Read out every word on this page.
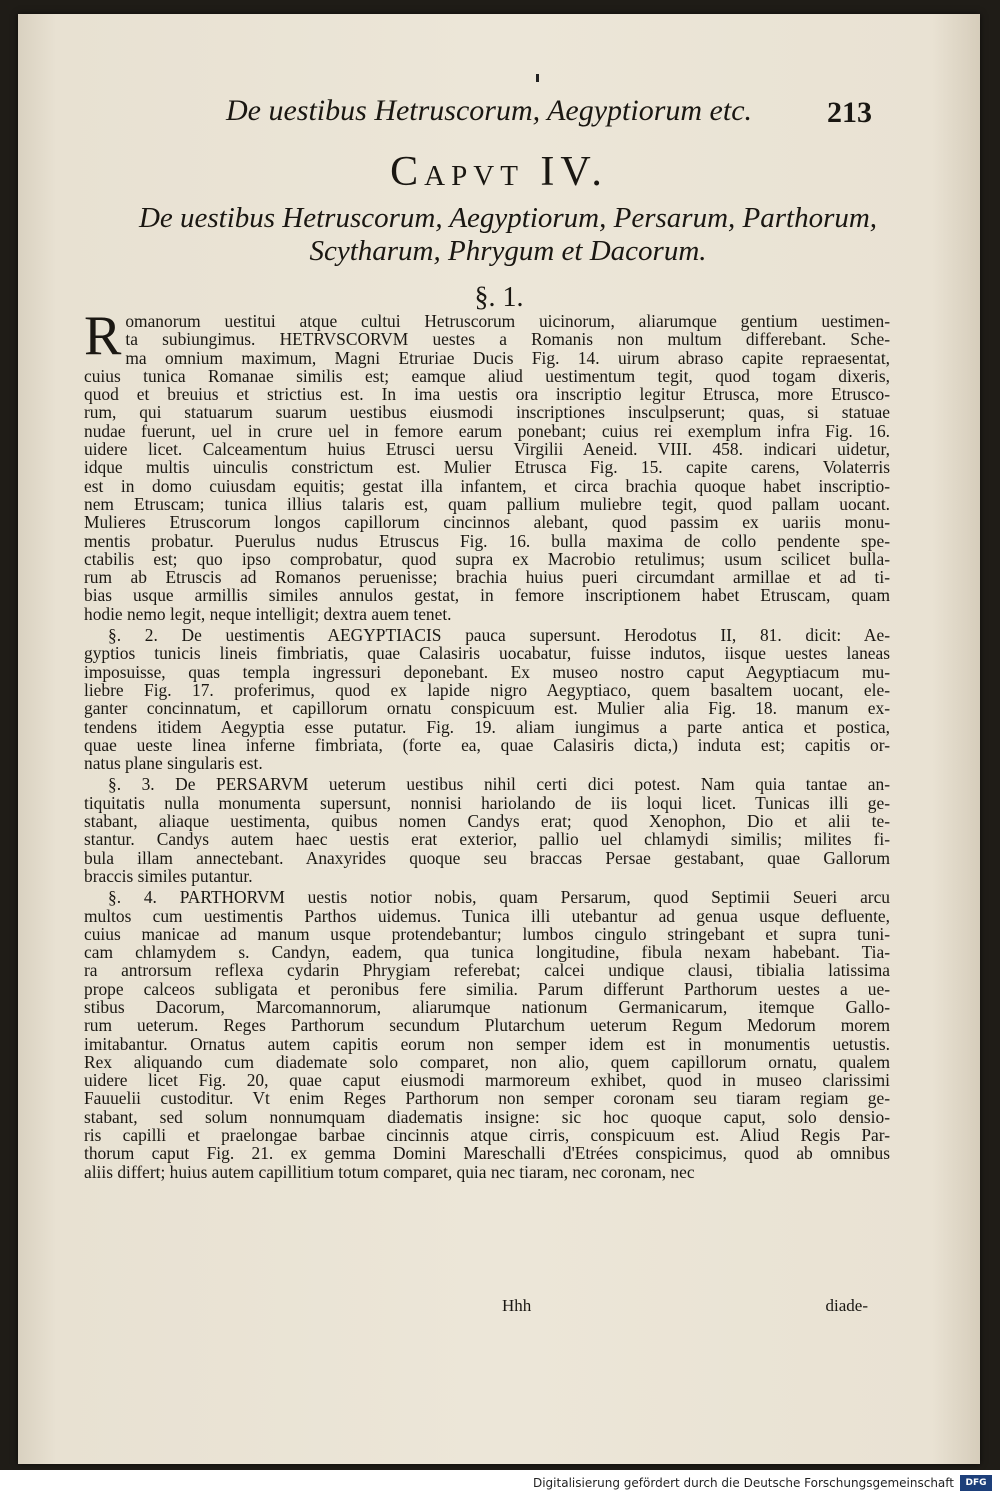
De uestibus Hetruscorum, Aegyptiorum etc. 213
Capvt IV.
De uestibus Hetruscorum, Aegyptiorum, Persarum, Parthorum,
Scytharum, Phrygum et Dacorum.
§. 1.
R omanorum uestitui atque cultui Hetruscorum uicinorum, aliarumque gentium uestimen-
ta subiungimus. HETRVSCORVM uestes a Romanis non multum differebant. Sche-
ma omnium maximum, Magni Etruriae Ducis Fig. 14. uirum abraso capite repraesentat,
cuius tunica Romanae similis est; eamque aliud uestimentum tegit, quod togam dixeris,
quod et breuius et strictius est. In ima uestis ora inscriptio legitur Etrusca, more Etrusco-
rum, qui statuarum suarum uestibus eiusmodi inscriptiones insculpserunt; quas, si statuae
nudae fuerunt, uel in crure uel in femore earum ponebant; cuius rei exemplum infra Fig. 16.
uidere licet. Calceamentum huius Etrusci uersu Virgilii Aeneid. VIII. 458. indicari uidetur,
idque multis uinculis constrictum est. Mulier Etrusca Fig. 15. capite carens, Volaterris
est in domo cuiusdam equitis; gestat illa infantem, et circa brachia quoque habet inscriptio-
nem Etruscam; tunica illius talaris est, quam pallium muliebre tegit, quod pallam uocant.
Mulieres Etruscorum longos capillorum cincinnos alebant, quod passim ex uariis monu-
mentis probatur. Puerulus nudus Etruscus Fig. 16. bulla maxima de collo pendente spe-
ctabilis est; quo ipso comprobatur, quod supra ex Macrobio retulimus; usum scilicet bulla-
rum ab Etruscis ad Romanos peruenisse; brachia huius pueri circumdant armillae et ad ti-
bias usque armillis similes annulos gestat, in femore inscriptionem habet Etruscam, quam
hodie nemo legit, neque intelligit; dextra auem tenet.
§. 2. De uestimentis AEGYPTIACIS pauca supersunt. Herodotus II, 81. dicit: Ae-
gyptios tunicis lineis fimbriatis, quae Calasiris uocabatur, fuisse indutos, iisque uestes laneas
imposuisse, quas templa ingressuri deponebant. Ex museo nostro caput Aegyptiacum mu-
liebre Fig. 17. proferimus, quod ex lapide nigro Aegyptiaco, quem basaltem uocant, ele-
ganter concinnatum, et capillorum ornatu conspicuum est. Mulier alia Fig. 18. manum ex-
tendens itidem Aegyptia esse putatur. Fig. 19. aliam iungimus a parte antica et postica,
quae ueste linea inferne fimbriata, (forte ea, quae Calasiris dicta,) induta est; capitis or-
natus plane singularis est.
§. 3. De PERSARVM ueterum uestibus nihil certi dici potest. Nam quia tantae an-
tiquitatis nulla monumenta supersunt, nonnisi hariolando de iis loqui licet. Tunicas illi ge-
stabant, aliaque uestimenta, quibus nomen Candys erat; quod Xenophon, Dio et alii te-
stantur. Candys autem haec uestis erat exterior, pallio uel chlamydi similis; milites fi-
bula illam annectebant. Anaxyrides quoque seu braccas Persae gestabant, quae Gallorum
braccis similes putantur.
§. 4. PARTHORVM uestis notior nobis, quam Persarum, quod Septimii Seueri arcu
multos cum uestimentis Parthos uidemus. Tunica illi utebantur ad genua usque defluente,
cuius manicae ad manum usque protendebantur; lumbos cingulo stringebant et supra tuni-
cam chlamydem s. Candyn, eadem, qua tunica longitudine, fibula nexam habebant. Tia-
ra antrorsum reflexa cydarin Phrygiam referebat; calcei undique clausi, tibialia latissima
prope calceos subligata et peronibus fere similia. Parum differunt Parthorum uestes a ue-
stibus Dacorum, Marcomannorum, aliarumque nationum Germanicarum, itemque Gallo-
rum ueterum. Reges Parthorum secundum Plutarchum ueterum Regum Medorum morem
imitabantur. Ornatus autem capitis eorum non semper idem est in monumentis uetustis.
Rex aliquando cum diademate solo comparet, non alio, quem capillorum ornatu, qualem
uidere licet Fig. 20, quae caput eiusmodi marmoreum exhibet, quod in museo clarissimi
Fauuelii custoditur. Vt enim Reges Parthorum non semper coronam seu tiaram regiam ge-
stabant, sed solum nonnumquam diadematis insigne: sic hoc quoque caput, solo densio-
ris capilli et praelongae barbae cincinnis atque cirris, conspicuum est. Aliud Regis Par-
thorum caput Fig. 21. ex gemma Domini Mareschalli d'Etrées conspicimus, quod ab omnibus
aliis differt; huius autem capillitium totum comparet, quia nec tiaram, nec coronam, nec
Hhh	diade-
Digitalisierung gefördert durch die Deutsche Forschungsgemeinschaft	DFG
